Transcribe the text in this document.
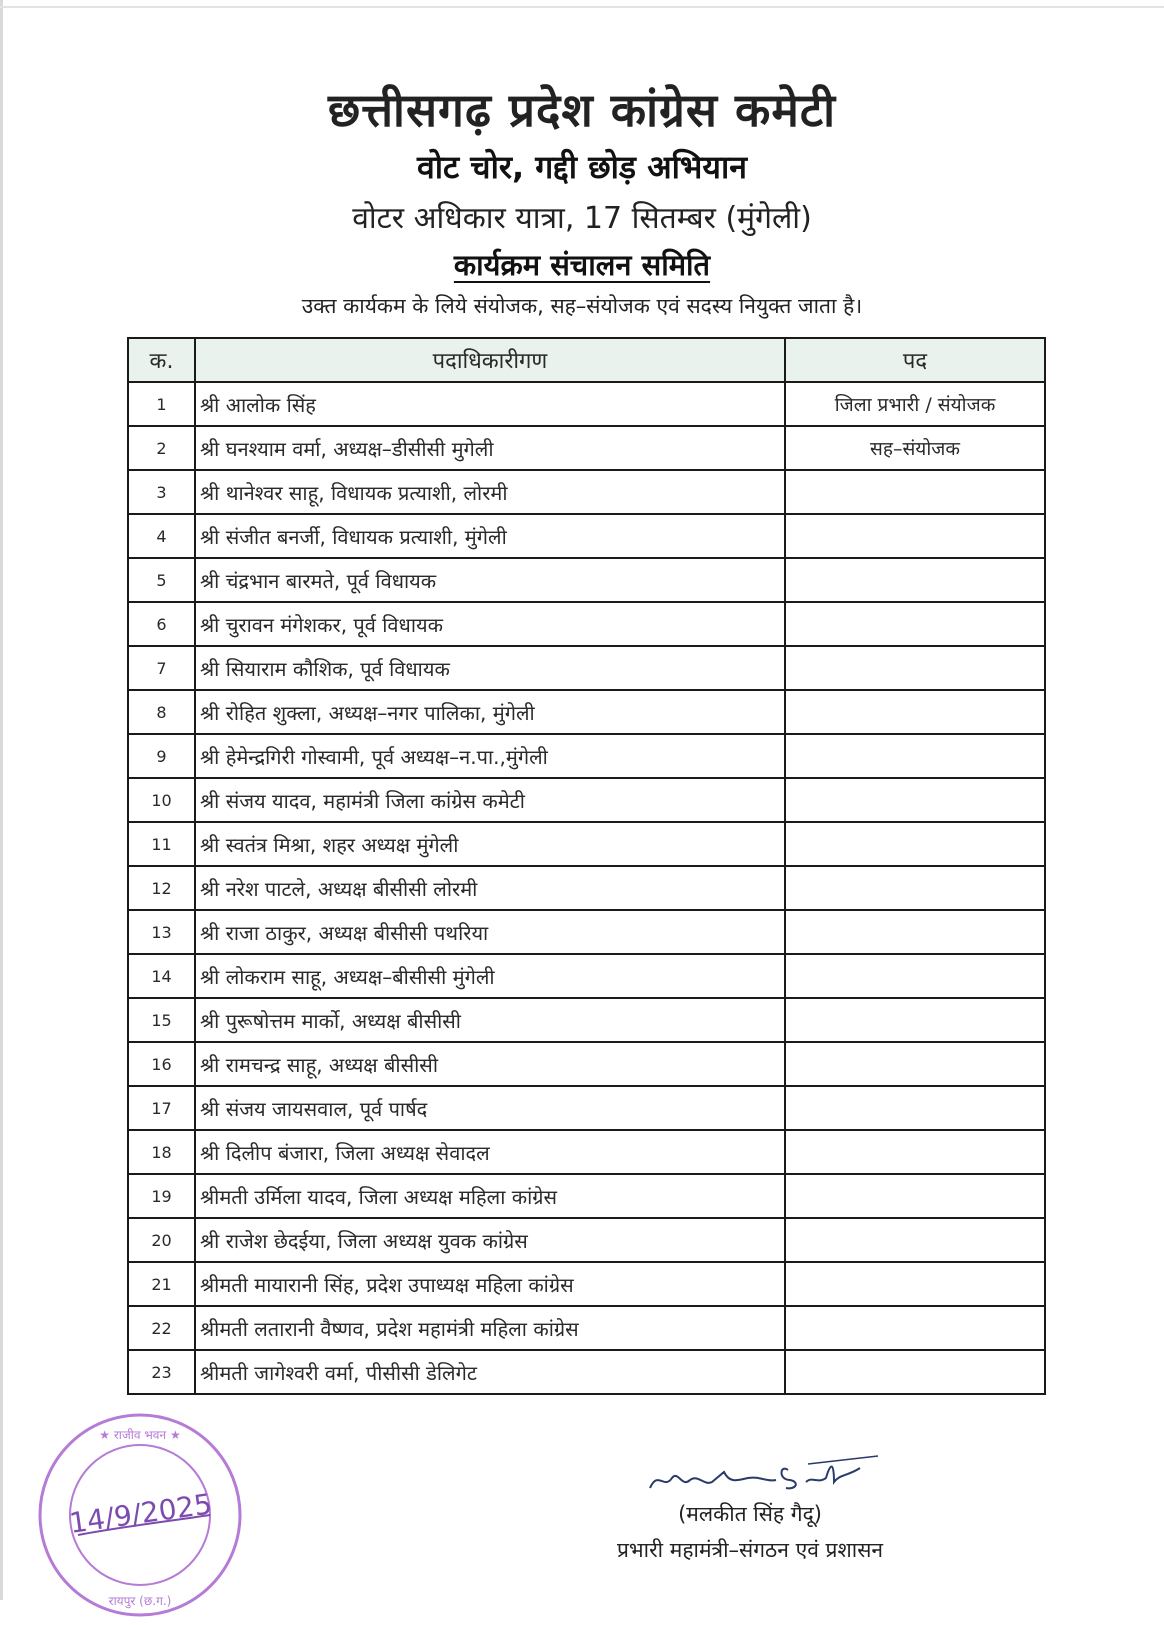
छत्तीसगढ़ प्रदेश कांग्रेस कमेटी
वोट चोर, गद्दी छोड़ अभियान
वोटर अधिकार यात्रा, 17 सितम्बर (मुंगेली)
कार्यक्रम संचालन समिति
उक्त कार्यकम के लिये संयोजक, सह–संयोजक एवं सदस्य नियुक्त जाता है।
क.	पदाधिकारीगण	पद
1	श्री आलोक सिंह	जिला प्रभारी / संयोजक
2	श्री घनश्याम वर्मा, अध्यक्ष–डीसीसी मुगेली	सह–संयोजक
3	श्री थानेश्वर साहू, विधायक प्रत्याशी, लोरमी	
4	श्री संजीत बनर्जी, विधायक प्रत्याशी, मुंगेली	
5	श्री चंद्रभान बारमते, पूर्व विधायक	
6	श्री चुरावन मंगेशकर, पूर्व विधायक	
7	श्री सियाराम कौशिक, पूर्व विधायक	
8	श्री रोहित शुक्ला, अध्यक्ष–नगर पालिका, मुंगेली	
9	श्री हेमेन्द्रगिरी गोस्वामी, पूर्व अध्यक्ष–न.पा.,मुंगेली	
10	श्री संजय यादव, महामंत्री जिला कांग्रेस कमेटी	
11	श्री स्वतंत्र मिश्रा, शहर अध्यक्ष मुंगेली	
12	श्री नरेश पाटले, अध्यक्ष बीसीसी लोरमी	
13	श्री राजा ठाकुर, अध्यक्ष बीसीसी पथरिया	
14	श्री लोकराम साहू, अध्यक्ष–बीसीसी मुंगेली	
15	श्री पुरूषोत्तम मार्को, अध्यक्ष बीसीसी	
16	श्री रामचन्द्र साहू, अध्यक्ष बीसीसी	
17	श्री संजय जायसवाल, पूर्व पार्षद	
18	श्री दिलीप बंजारा, जिला अध्यक्ष सेवादल	
19	श्रीमती उर्मिला यादव, जिला अध्यक्ष महिला कांग्रेस	
20	श्री राजेश छेदईया, जिला अध्यक्ष युवक कांग्रेस	
21	श्रीमती मायारानी सिंह, प्रदेश उपाध्यक्ष महिला कांग्रेस	
22	श्रीमती लतारानी वैष्णव, प्रदेश महामंत्री महिला कांग्रेस	
23	श्रीमती जागेश्वरी वर्मा, पीसीसी डेलिगेट	
(मलकीत सिंह गैदू)
प्रभारी महामंत्री–संगठन एवं प्रशासन
★ राजीव भवन ★
रायपुर (छ.ग.)
14/9/2025
